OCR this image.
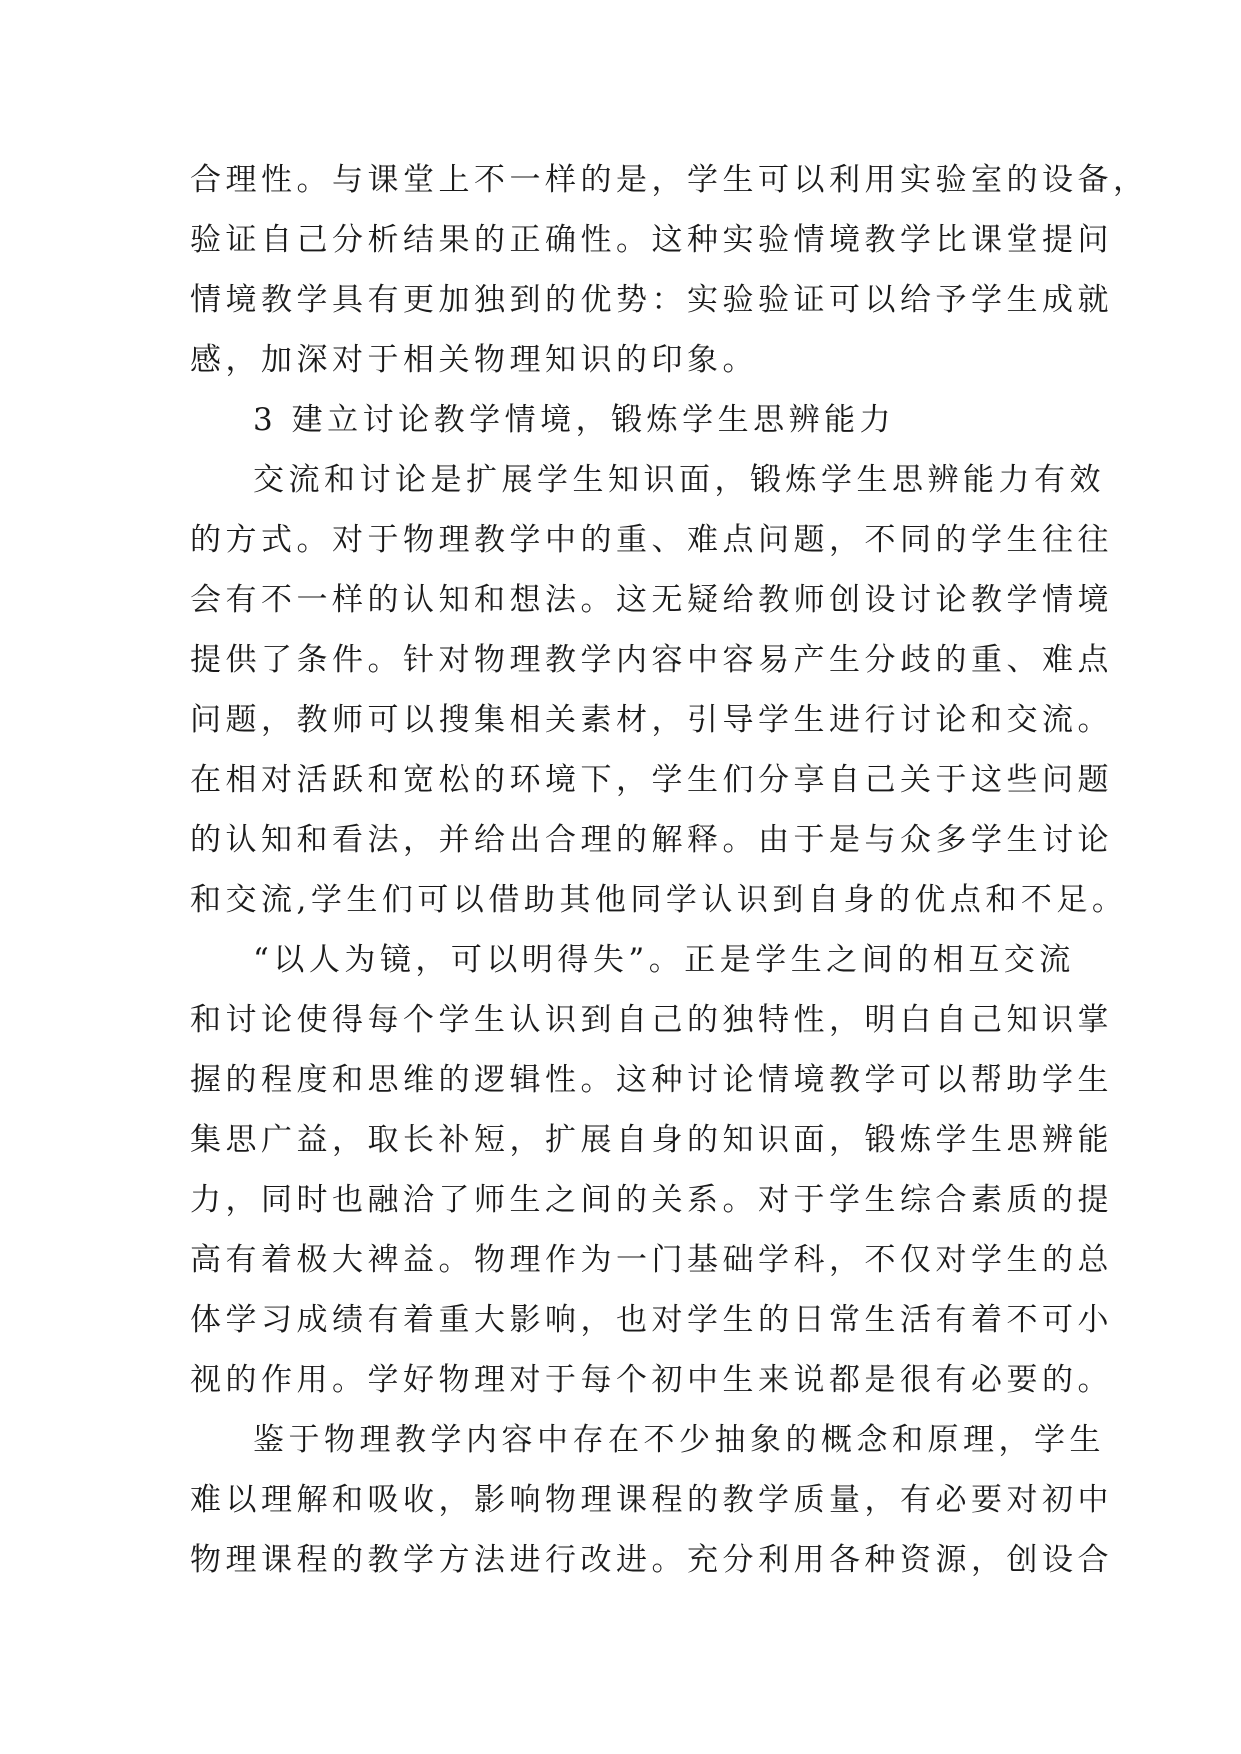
合理性。与课堂上不一样的是，学生可以利用实验室的设备，
验证自己分析结果的正确性。这种实验情境教学比课堂提问
情境教学具有更加独到的优势：实验验证可以给予学生成就
感，加深对于相关物理知识的印象。
3 建立讨论教学情境，锻炼学生思辨能力
交流和讨论是扩展学生知识面，锻炼学生思辨能力有效
的方式。对于物理教学中的重、难点问题，不同的学生往往
会有不一样的认知和想法。这无疑给教师创设讨论教学情境
提供了条件。针对物理教学内容中容易产生分歧的重、难点
问题，教师可以搜集相关素材，引导学生进行讨论和交流。
在相对活跃和宽松的环境下，学生们分享自己关于这些问题
的认知和看法，并给出合理的解释。由于是与众多学生讨论
和交流,学生们可以借助其他同学认识到自身的优点和不足。
“以人为镜，可以明得失”。正是学生之间的相互交流
和讨论使得每个学生认识到自己的独特性，明白自己知识掌
握的程度和思维的逻辑性。这种讨论情境教学可以帮助学生
集思广益，取长补短，扩展自身的知识面，锻炼学生思辨能
力，同时也融洽了师生之间的关系。对于学生综合素质的提
高有着极大裨益。物理作为一门基础学科，不仅对学生的总
体学习成绩有着重大影响，也对学生的日常生活有着不可小
视的作用。学好物理对于每个初中生来说都是很有必要的。
鉴于物理教学内容中存在不少抽象的概念和原理，学生
难以理解和吸收，影响物理课程的教学质量，有必要对初中
物理课程的教学方法进行改进。充分利用各种资源，创设合
